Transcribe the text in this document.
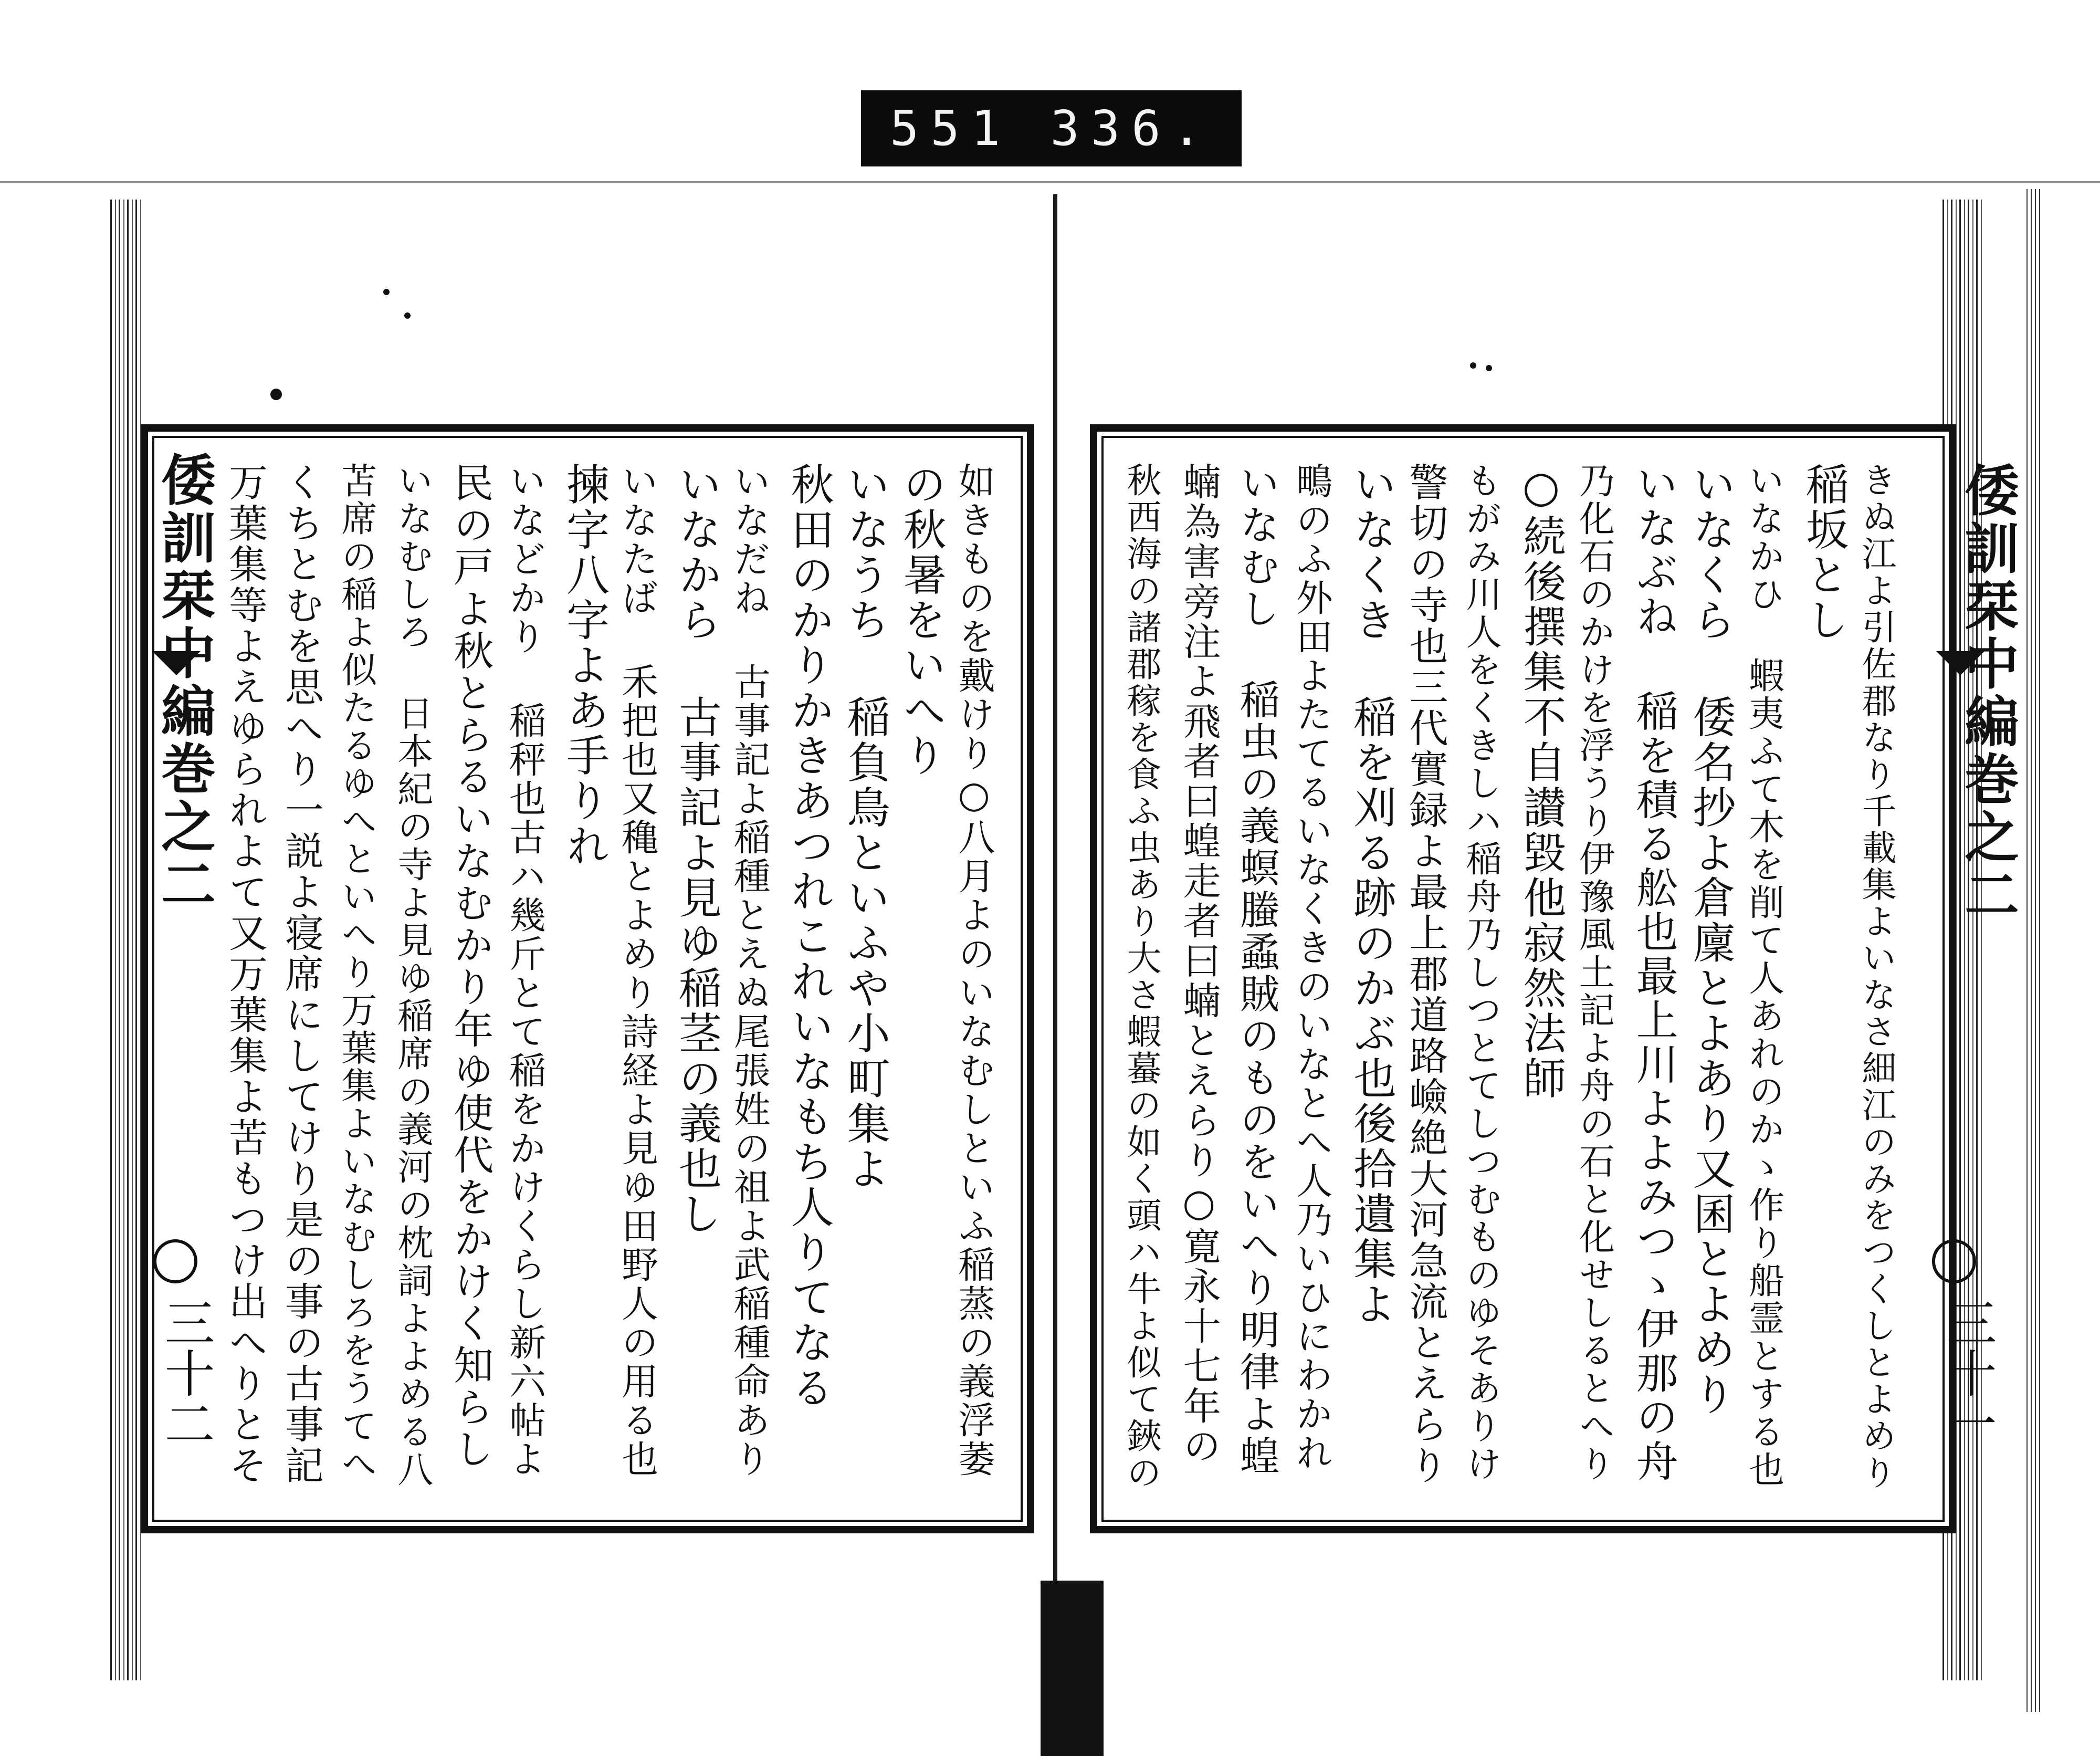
551 336.
倭訓栞中編巻之二
三十二	如きものを戴けり○八月よのいなむしといふ稲蒸の義浮萎
の秋暑をいへり
いなうち 稲負鳥といふや小町集よ
秋田のかりかきあつれこれいなもち人りてなる
いなだね 古事記よ稲種とえぬ尾張姓の祖よ武稲種命あり
いなから 古事記よ見ゆ稲茎の義也し
いなたば 禾把也又穐とよめり詩経よ見ゆ田野人の用る也
揀字八字よあ手りれ
いなどかり 稲秤也古ハ幾斤とて稲をかけくらし新六帖よ
民の戸よ秋とらるいなむかり年ゆ使代をかけく知らし
いなむしろ 日本紀の寺よ見ゆ稲席の義河の枕詞よよめる八
苫席の稲よ似たるゆへといへり万葉集よいなむしろをうてへ
くちとむを思へり一説よ寝席にしてけり是の事の古事記
万葉集等よえゆられよて又万葉集よ苦もつけ出へりとそ	倭訓栞中編巻之二
三十一
きぬ江よ引佐郡なり千載集よいなさ細江のみをつくしとよめり
稲坂とし
いなかひ 蝦夷ふて木を削て人あれのかゝ作り船霊とする也
いなくら 倭名抄よ倉廩とよあり又囷とよめり
いなぶね 稲を積る舩也最上川よよみつゝ伊那の舟
乃化石のかけを浮うり伊豫風土記よ舟の石と化せしるとへり
○続後撰集不自讃毀他寂然法師
もがみ川人をくきしハ稲舟乃しつとてしつむものゆそありけ
警切の寺也三代實録よ最上郡道路嶮絶大河急流とえらり
いなくき 稲を刈る跡のかぶ也後拾遺集よ
鴫のふ外田よたてるいなくきのいなとへ人乃いひにわかれ
いなむし 稲虫の義螟螣蟊賊のものをいへり明律よ蝗
蝻為害旁注よ飛者曰蝗走者曰蝻とえらり○寛永十七年の
秋西海の諸郡稼を食ふ虫あり大さ蝦蟇の如く頭ハ牛よ似て鋏の
